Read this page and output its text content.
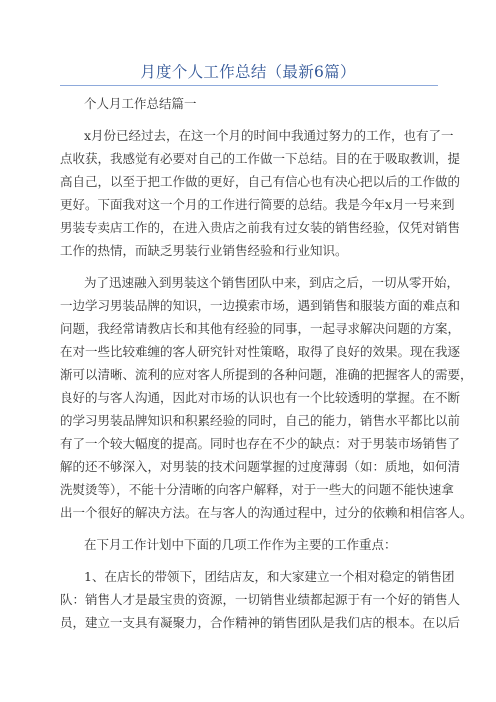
月度个人工作总结（最新6篇）

个人月工作总结篇一

x月份已经过去，在这一个月的时间中我通过努力的工作，也有了一
点收获，我感觉有必要对自己的工作做一下总结。目的在于吸取教训，提
高自己，以至于把工作做的更好，自己有信心也有决心把以后的工作做的
更好。下面我对这一个月的工作进行简要的总结。我是今年x月一号来到
男装专卖店工作的，在进入贵店之前我有过女装的销售经验，仅凭对销售
工作的热情，而缺乏男装行业销售经验和行业知识。

为了迅速融入到男装这个销售团队中来，到店之后，一切从零开始，
一边学习男装品牌的知识，一边摸索市场，遇到销售和服装方面的难点和
问题，我经常请教店长和其他有经验的同事，一起寻求解决问题的方案，
在对一些比较难缠的客人研究针对性策略，取得了良好的效果。现在我逐
渐可以清晰、流利的应对客人所提到的各种问题，准确的把握客人的需要，
良好的与客人沟通，因此对市场的认识也有一个比较透明的掌握。在不断
的学习男装品牌知识和积累经验的同时，自己的能力，销售水平都比以前
有了一个较大幅度的提高。同时也存在不少的缺点：对于男装市场销售了
解的还不够深入，对男装的技术问题掌握的过度薄弱（如：质地，如何清
洗熨烫等），不能十分清晰的向客户解释，对于一些大的问题不能快速拿
出一个很好的解决方法。在与客人的沟通过程中，过分的依赖和相信客人。

在下月工作计划中下面的几项工作作为主要的工作重点：

1、在店长的带领下，团结店友，和大家建立一个相对稳定的销售团
队：销售人才是最宝贵的资源，一切销售业绩都起源于有一个好的销售人
员，建立一支具有凝聚力，合作精神的销售团队是我们店的根本。在以后
